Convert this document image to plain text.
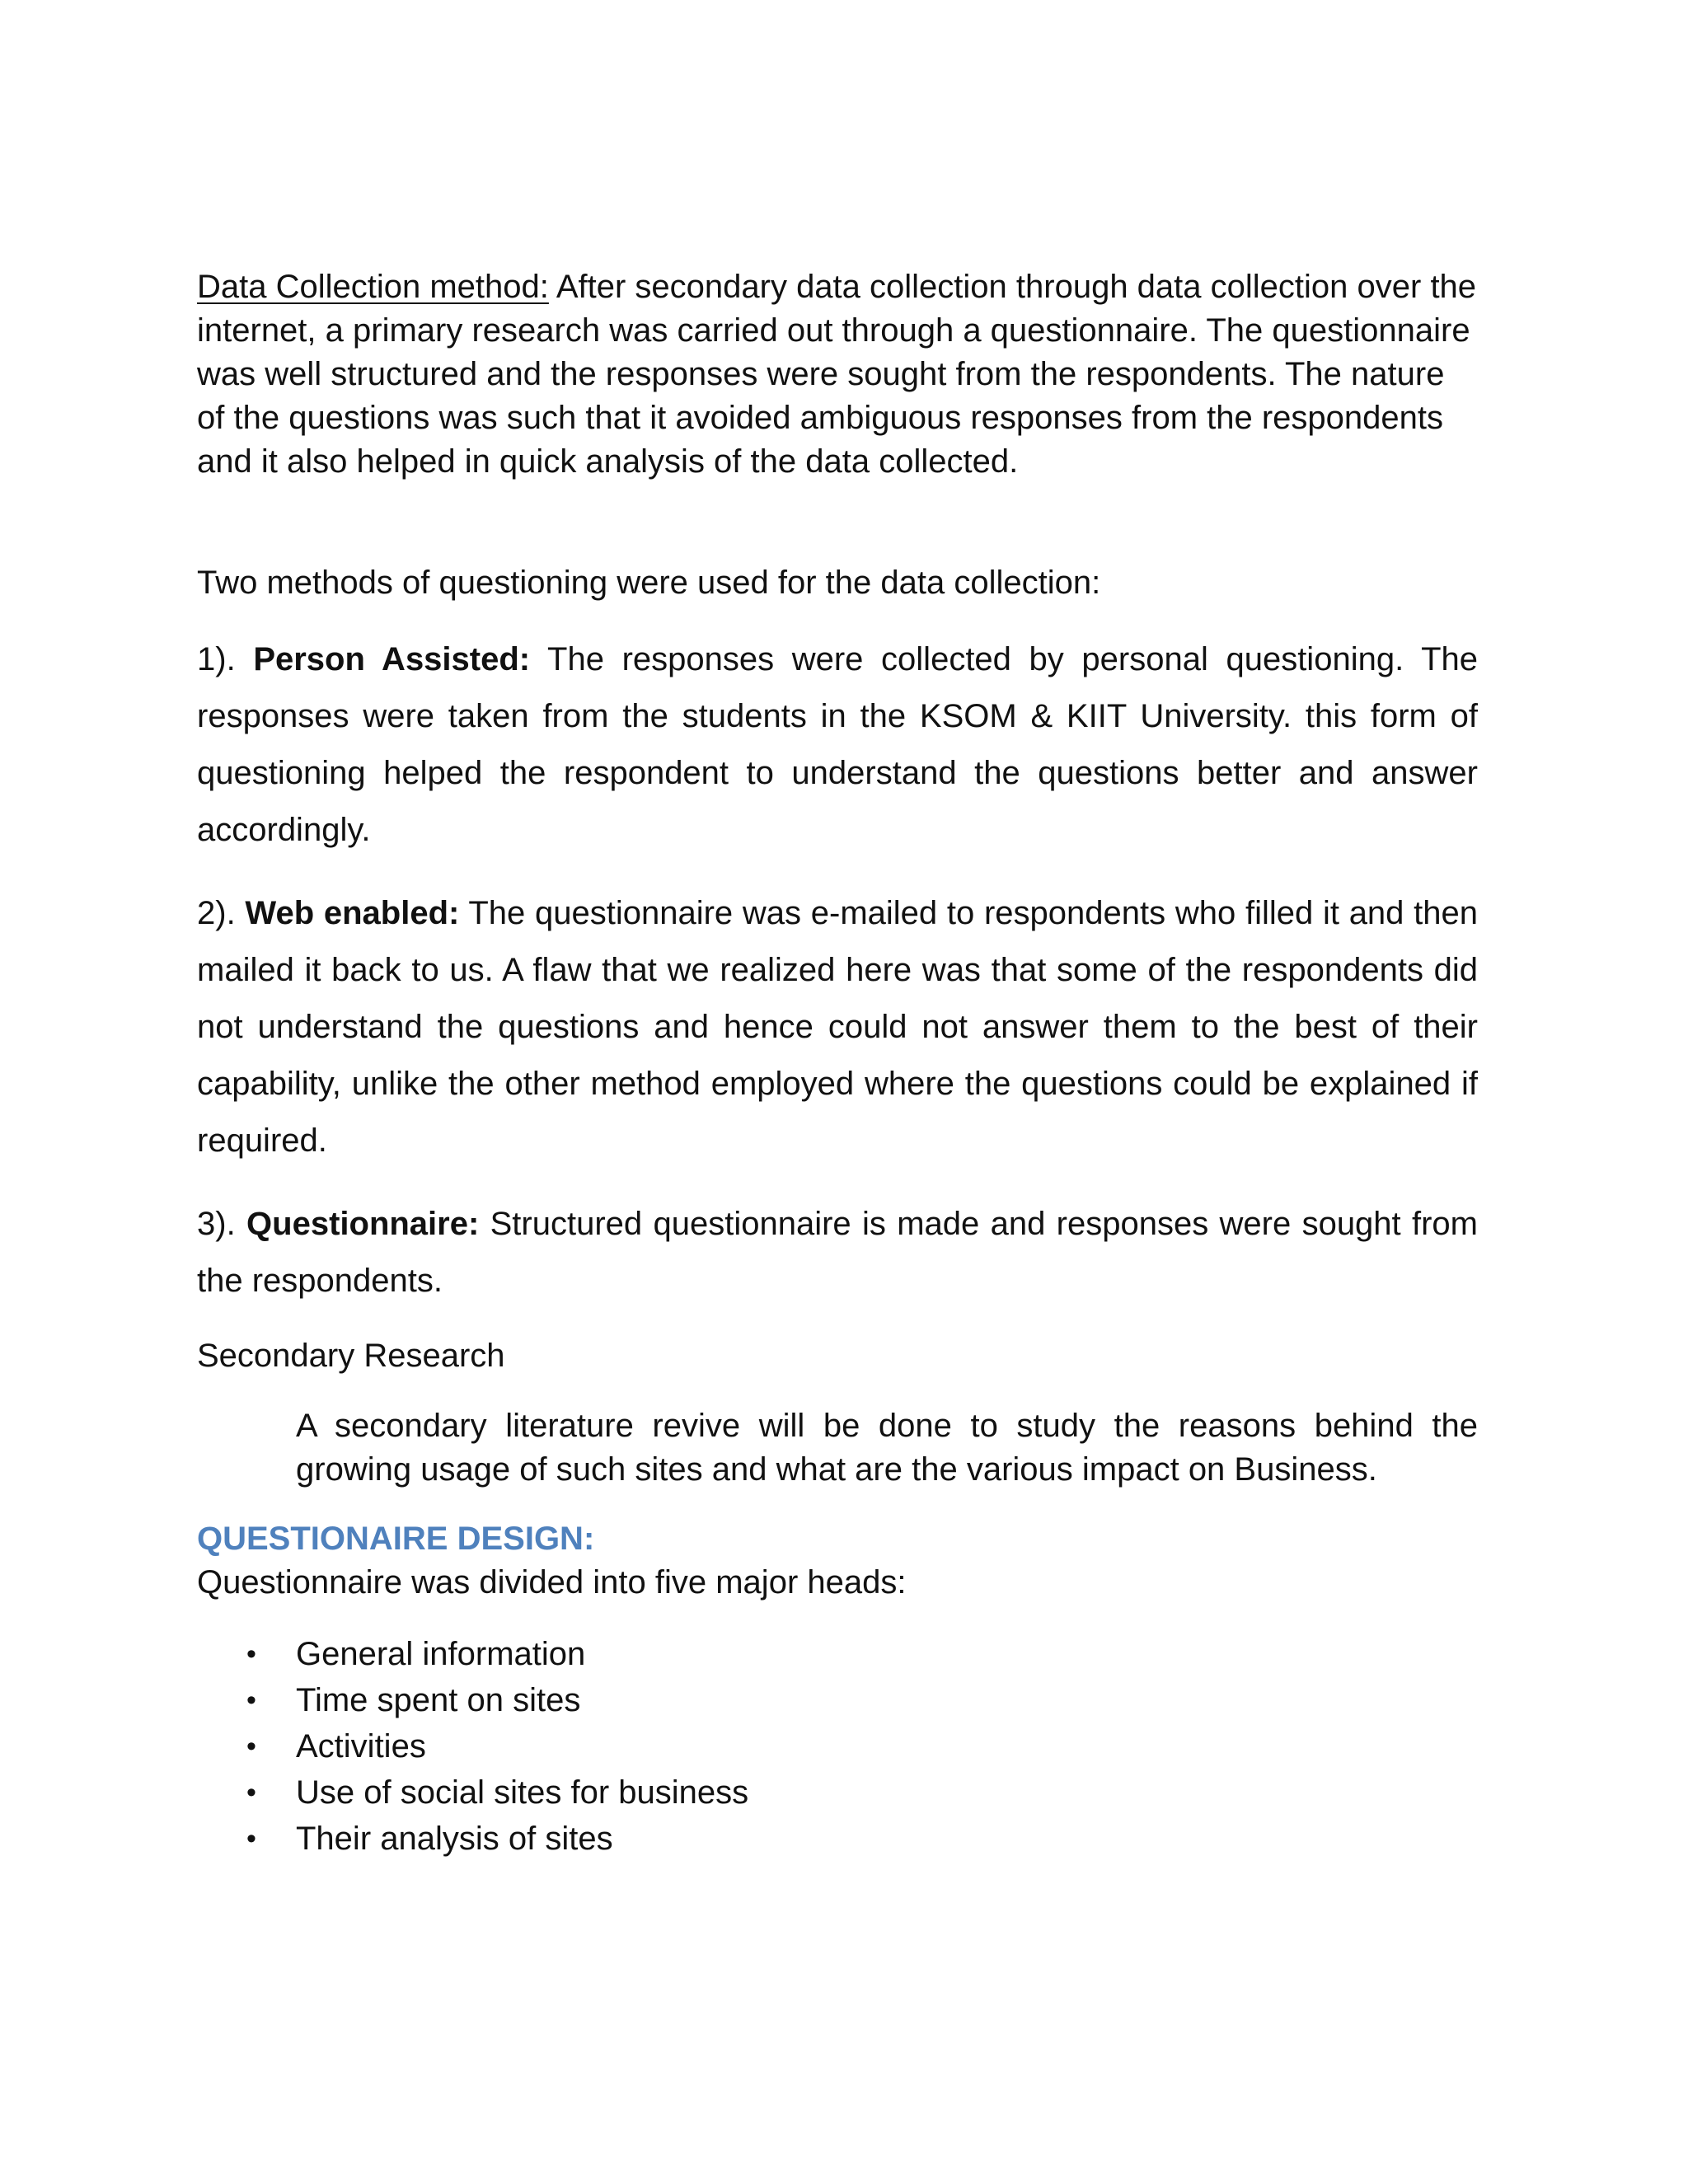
Data Collection method: After secondary data collection through data collection over the internet, a primary research was carried out through a questionnaire. The questionnaire was well structured and the responses were sought from the respondents. The nature of the questions was such that it avoided ambiguous responses from the respondents and it also helped in quick analysis of the data collected.

Two methods of questioning were used for the data collection:

1). Person Assisted: The responses were collected by personal questioning. The responses were taken from the students in the KSOM & KIIT University. this form of questioning helped the respondent to understand the questions better and answer accordingly.

2). Web enabled: The questionnaire was e-mailed to respondents who filled it and then mailed it back to us. A flaw that we realized here was that some of the respondents did not understand the questions and hence could not answer them to the best of their capability, unlike the other method employed where the questions could be explained if required.

3). Questionnaire: Structured questionnaire is made and responses were sought from the respondents.

Secondary Research

A secondary literature revive will be done to study the reasons behind the growing usage of such sites and what are the various impact on Business.

QUESTIONAIRE DESIGN:

Questionnaire was divided into five major heads:

• General information
• Time spent on sites
• Activities
• Use of social sites for business
• Their analysis of sites
